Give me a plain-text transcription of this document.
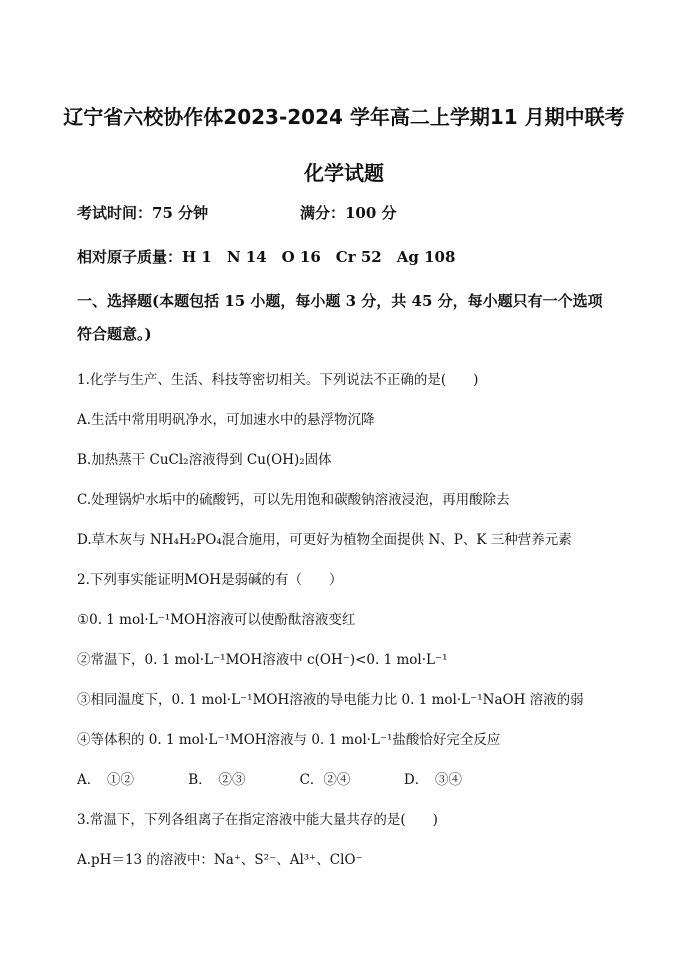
辽宁省六校协作体2023-2024 学年高二上学期11 月期中联考
化学试题
考试时间：75 分钟	满分：100 分
相对原子质量：H 1　N 14　O 16　Cr 52　Ag 108
一、选择题(本题包括 15 小题，每小题 3 分，共 45 分，每小题只有一个选项
符合题意。)
1.化学与生产、生活、科技等密切相关。下列说法不正确的是(　　)
A.生活中常用明矾净水，可加速水中的悬浮物沉降
B.加热蒸干 CuCl₂溶液得到 Cu(OH)₂固体
C.处理锅炉水垢中的硫酸钙，可以先用饱和碳酸钠溶液浸泡，再用酸除去
D.草木灰与 NH₄H₂PO₄混合施用，可更好为植物全面提供 N、P、K 三种营养元素
2.下列事实能证明MOH是弱碱的有（　　）
①0. 1 mol·L⁻¹MOH溶液可以使酚酞溶液变红
②常温下，0. 1 mol·L⁻¹MOH溶液中 c(OH⁻)<0. 1 mol·L⁻¹
③相同温度下，0. 1 mol·L⁻¹MOH溶液的导电能力比 0. 1 mol·L⁻¹NaOH 溶液的弱
④等体积的 0. 1 mol·L⁻¹MOH溶液与 0. 1 mol·L⁻¹盐酸恰好完全反应
A．　①②	B．　②③	C．②④	D．　③④
3.常温下，下列各组离子在指定溶液中能大量共存的是(　　)
A.pH＝13 的溶液中：Na⁺、S²⁻、Al³⁺、ClO⁻
